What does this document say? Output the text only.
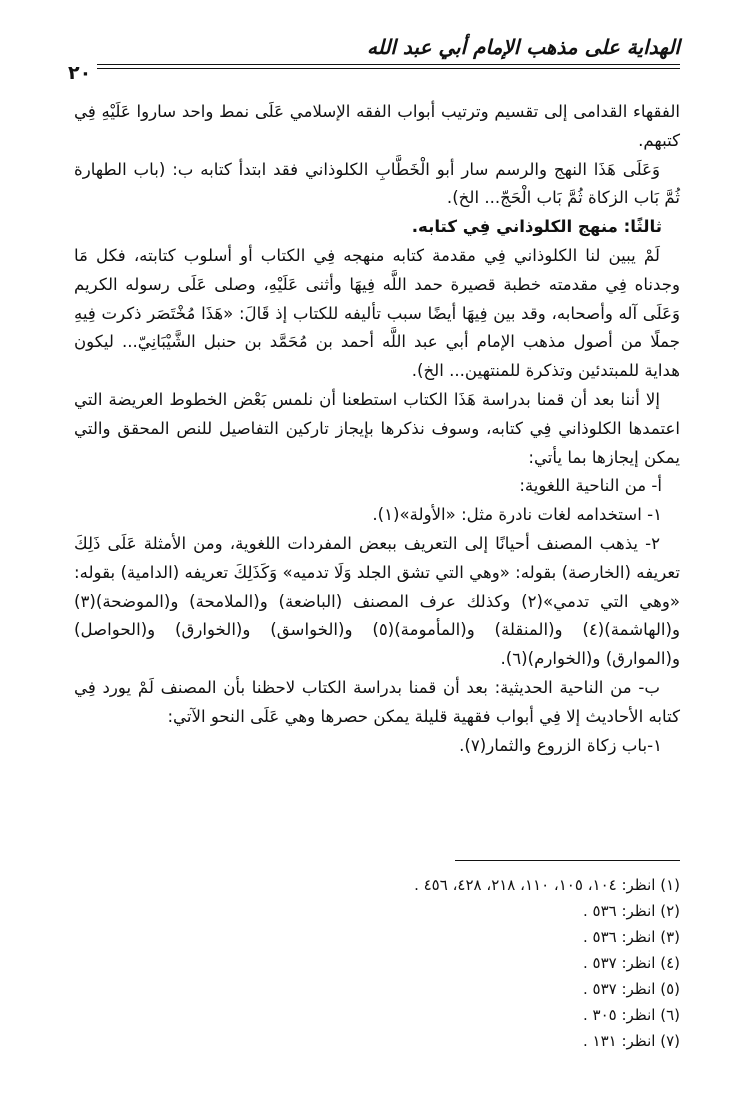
الهداية على مذهب الإمام أبي عبد الله
٢٠

الفقهاء القدامى إلى تقسيم وترتيب أبواب الفقه الإسلامي عَلَى نمط واحد ساروا عَلَيْهِ فِي كتبهم.

وَعَلَى هَذَا النهج والرسم سار أبو الْخَطَّابِ الكلوذاني فقد ابتدأ كتابه ب: (باب الطهارة ثُمَّ بَاب الزكاة ثُمَّ بَاب الْحَجّ... الخ).

ثالثًا: منهج الكلوذاني فِي كتابه.

لَمْ يبين لنا الكلوذاني فِي مقدمة كتابه منهجه فِي الكتاب أو أسلوب كتابته، فكل مَا وجدناه فِي مقدمته خطبة قصيرة حمد اللَّه فِيهَا وأثنى عَلَيْهِ، وصلى عَلَى رسوله الكريم وَعَلَى آله وأصحابه، وقد بين فِيهَا أيضًا سبب تأليفه للكتاب إذ قَالَ: «هَذَا مُخْتَصَر ذكرت فِيهِ جملًا من أصول مذهب الإمام أبي عبد اللَّه أحمد بن مُحَمَّد بن حنبل الشَّيْبَانِيّ... ليكون هداية للمبتدئين وتذكرة للمنتهين... الخ).

إلا أننا بعد أن قمنا بدراسة هَذَا الكتاب استطعنا أن نلمس بَعْض الخطوط العريضة التي اعتمدها الكلوذاني فِي كتابه، وسوف نذكرها بإيجاز تاركين التفاصيل للنص المحقق والتي يمكن إيجازها بما يأتي:

أ- من الناحية اللغوية:

١- استخدامه لغات نادرة مثل: «الأولة»(١).

٢- يذهب المصنف أحيانًا إلى التعريف ببعض المفردات اللغوية، ومن الأمثلة عَلَى ذَلِكَ تعريفه (الخارصة) بقوله: «وهي التي تشق الجلد وَلَا تدميه» وَكَذَلِكَ تعريفه (الدامية) بقوله: «وهي التي تدمي»(٢) وكذلك عرف المصنف (الباضعة) و(الملامحة) و(الموضحة)(٣) و(الهاشمة)(٤) و(المنقلة) و(المأمومة)(٥) و(الخواسق) و(الخوارق) و(الحواصل) و(الموارق) و(الخوارم)(٦).

ب- من الناحية الحديثية: بعد أن قمنا بدراسة الكتاب لاحظنا بأن المصنف لَمْ يورد فِي كتابه الأحاديث إلا فِي أبواب فقهية قليلة يمكن حصرها وهي عَلَى النحو الآتي:

١-باب زكاة الزروع والثمار(٧).

(١) انظر: ١٠٤، ١٠٥، ١١٠، ٢١٨، ٤٢٨، ٤٥٦ .
(٢) انظر: ٥٣٦ .
(٣) انظر: ٥٣٦ .
(٤) انظر: ٥٣٧ .
(٥) انظر: ٥٣٧ .
(٦) انظر: ٣٠٥ .
(٧) انظر: ١٣١ .
